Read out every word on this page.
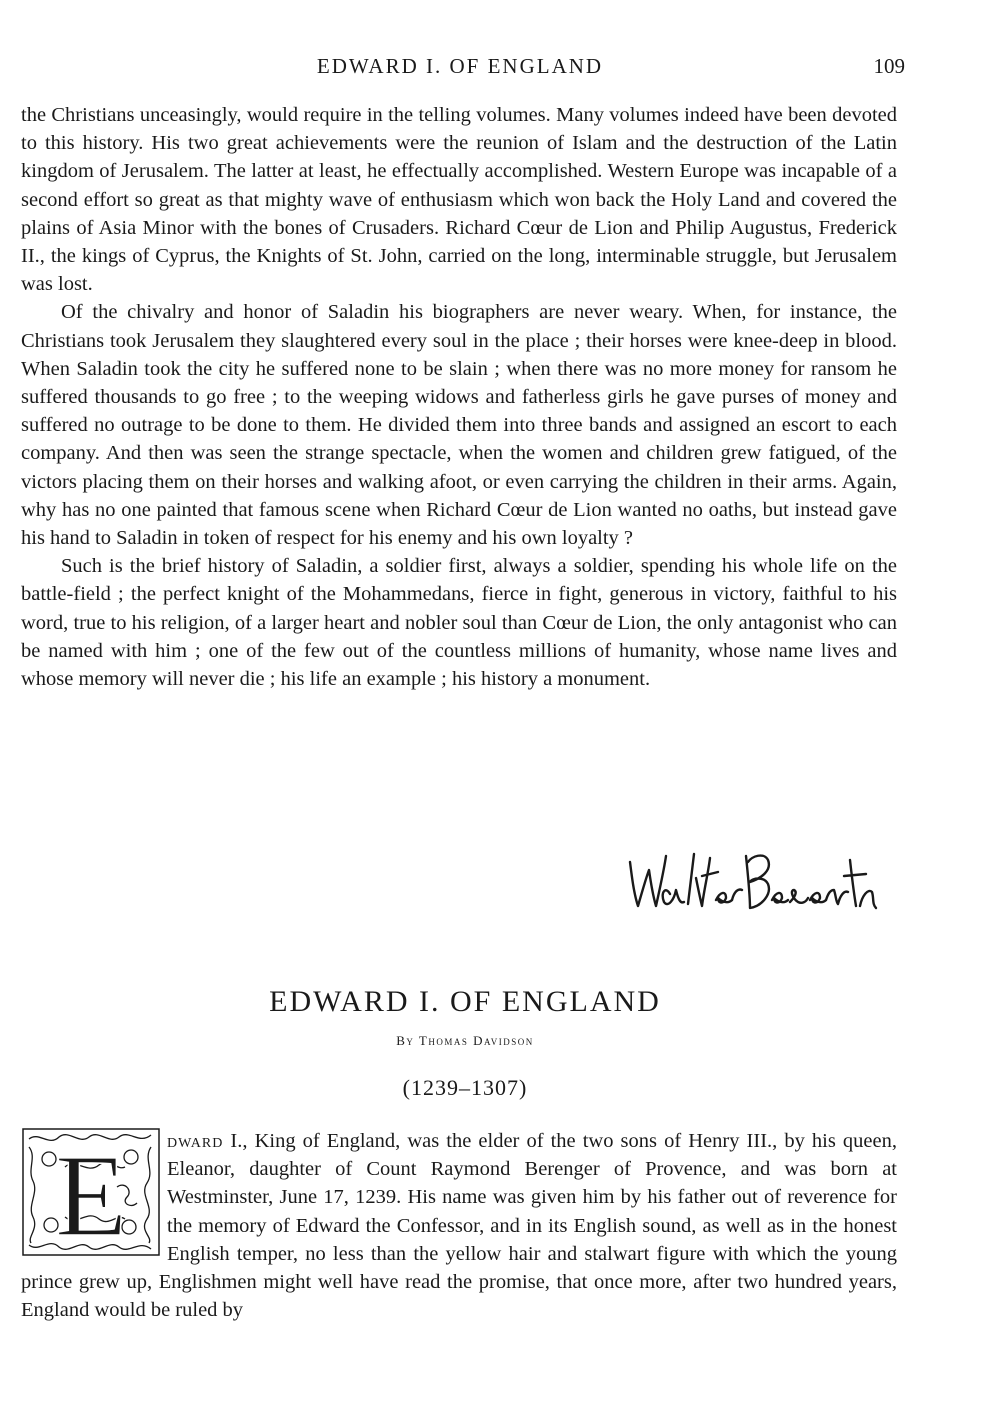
EDWARD I. OF ENGLAND	109

the Christians unceasingly, would require in the telling volumes. Many volumes indeed have been devoted to this history. His two great achievements were the reunion of Islam and the destruction of the Latin kingdom of Jerusalem. The latter at least, he effectually accomplished. Western Europe was incapable of a second effort so great as that mighty wave of enthusiasm which won back the Holy Land and covered the plains of Asia Minor with the bones of Crusaders. Richard Cœur de Lion and Philip Augustus, Frederick II., the kings of Cyprus, the Knights of St. John, carried on the long, interminable struggle, but Jerusalem was lost.

Of the chivalry and honor of Saladin his biographers are never weary. When, for instance, the Christians took Jerusalem they slaughtered every soul in the place ; their horses were knee-deep in blood. When Saladin took the city he suffered none to be slain ; when there was no more money for ransom he suffered thousands to go free ; to the weeping widows and fatherless girls he gave purses of money and suffered no outrage to be done to them. He divided them into three bands and assigned an escort to each company. And then was seen the strange spectacle, when the women and children grew fatigued, of the victors placing them on their horses and walking afoot, or even carrying the children in their arms. Again, why has no one painted that famous scene when Richard Cœur de Lion wanted no oaths, but instead gave his hand to Saladin in token of respect for his enemy and his own loyalty ?

Such is the brief history of Saladin, a soldier first, always a soldier, spending his whole life on the battle-field ; the perfect knight of the Mohammedans, fierce in fight, generous in victory, faithful to his word, true to his religion, of a larger heart and nobler soul than Cœur de Lion, the only antagonist who can be named with him ; one of the few out of the countless millions of humanity, whose name lives and whose memory will never die ; his life an example ; his history a monument.

EDWARD I. OF ENGLAND
By Thomas Davidson
(1239–1307)
E dward I., King of England, was the elder of the two sons of Henry III., by his queen, Eleanor, daughter of Count Raymond Berenger of Provence, and was born at Westminster, June 17, 1239. His name was given him by his father out of reverence for the memory of Edward the Confessor, and in its English sound, as well as in the honest English temper, no less than the yellow hair and stalwart figure with which the young prince grew up, Englishmen might well have read the promise, that once more, after two hundred years, England would be ruled by
